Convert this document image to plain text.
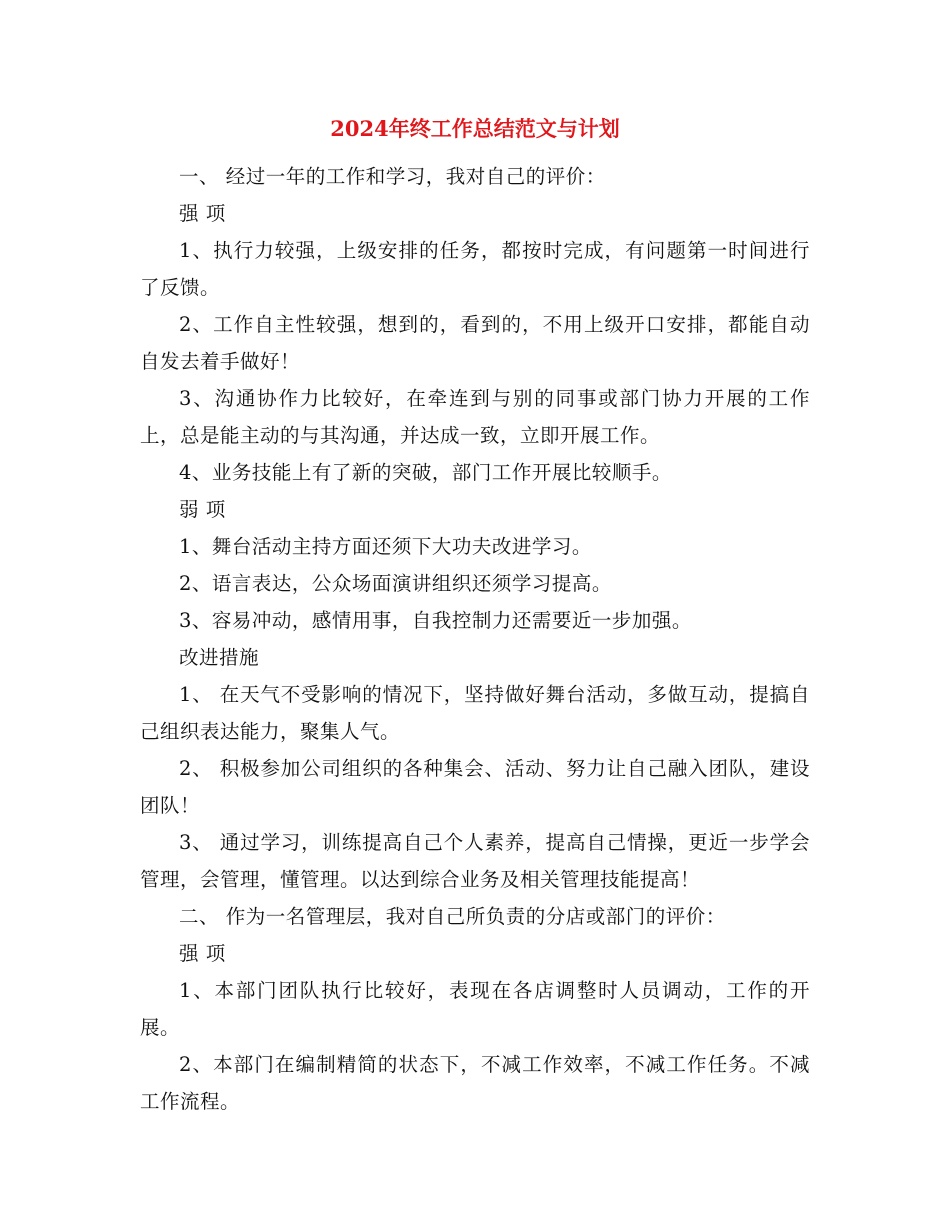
2024年终工作总结范文与计划

一、 经过一年的工作和学习，我对自己的评价：

强 项

1、执行力较强，上级安排的任务，都按时完成，有问题第一时间进行了反馈。

2、工作自主性较强，想到的，看到的，不用上级开口安排，都能自动自发去着手做好！

3、沟通协作力比较好，在牵连到与别的同事或部门协力开展的工作上，总是能主动的与其沟通，并达成一致，立即开展工作。

4、业务技能上有了新的突破，部门工作开展比较顺手。

弱 项

1、舞台活动主持方面还须下大功夫改进学习。

2、语言表达，公众场面演讲组织还须学习提高。

3、容易冲动，感情用事，自我控制力还需要近一步加强。

改进措施

1、 在天气不受影响的情况下，坚持做好舞台活动，多做互动，提搞自己组织表达能力，聚集人气。

2、 积极参加公司组织的各种集会、活动、努力让自己融入团队，建设团队！

3、 通过学习，训练提高自己个人素养，提高自己情操，更近一步学会管理，会管理，懂管理。以达到综合业务及相关管理技能提高！

二、 作为一名管理层，我对自己所负责的分店或部门的评价：

强 项

1、本部门团队执行比较好，表现在各店调整时人员调动，工作的开展。

2、本部门在编制精简的状态下，不减工作效率，不减工作任务。不减工作流程。
